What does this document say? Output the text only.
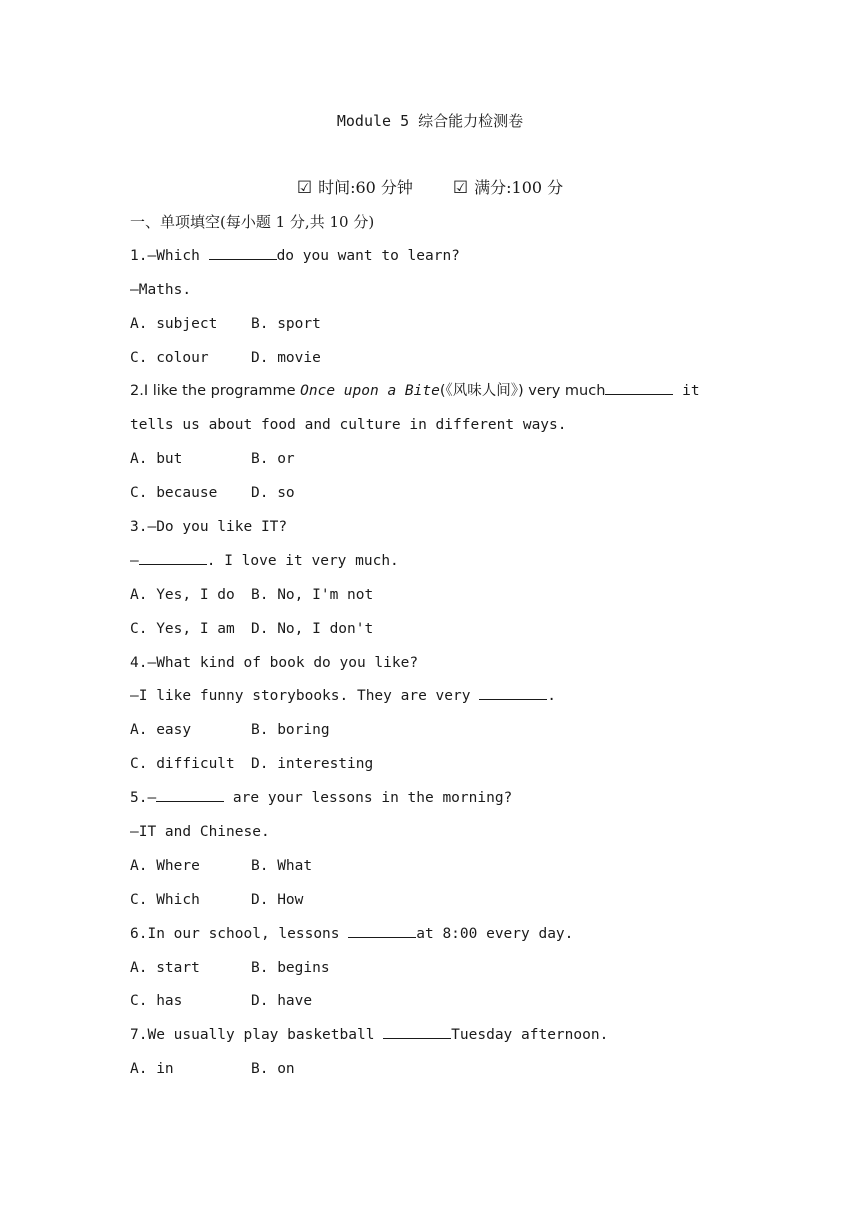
Module 5 综合能力检测卷
☑ 时间:60 分钟 ☑ 满分:100 分
一、单项填空(每小题 1 分,共 10 分)
1.—Which	do you want to learn?
—Maths.
A. subject B. sport
C. colour	D. movie
2.I like the programme Once upon a Bite(《风味人间》) very much	it
tells us about food and culture in different ways.
A. but	B. or
C. because D. so
3.—Do you like IT?
—	. I love it very much.
A. Yes, I do B. No, I'm not
C. Yes, I am D. No, I don't
4.—What kind of book do you like?
—I like funny storybooks. They are very	.
A. easy	B. boring
C. difficult D. interesting
5.—	are your lessons in the morning?
—IT and Chinese.
A. Where	B. What
C. Which	D. How
6.In our school, lessons	at 8:00 every day.
A. start	B. begins
C. has	D. have
7.We usually play basketball	Tuesday afternoon.
A. in	B. on
